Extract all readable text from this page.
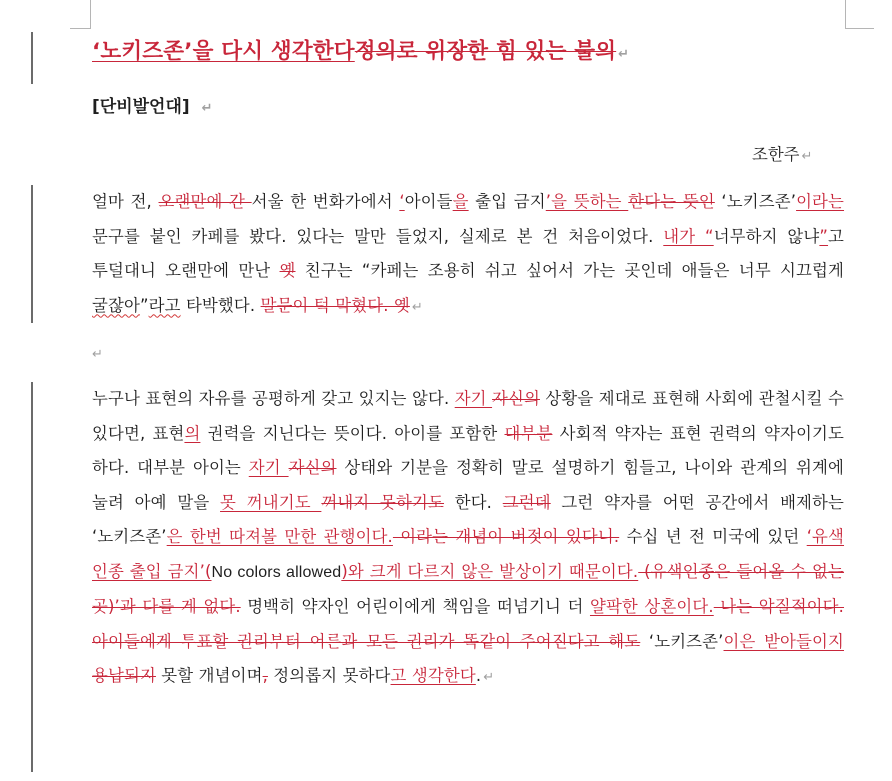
‘노키즈존’을 다시 생각한다정의로 위장한 힘 있는 불의 ↵
[단비발언대] ↵
조한주 ↵
얼마 전, 오랜만에 간 서울 한 번화가에서 ‘아이들을 출입 금지’을 뜻하는 한다는 뜻인 ‘노키즈존’이라는 문구를 붙인 카페를 봤다. 있다는 말만 들었지, 실제로 본 건 처음이었다. 내가 “너무하지 않냐”고 투덜대니 오랜만에 만난 옛 친구는 “카페는 조용히 쉬고 싶어서 가는 곳인데 애들은 너무 시끄럽게 굴잖아”라고 타박했다. 말문이 턱 막혔다. 옛 ↵
↵
누구나 표현의 자유를 공평하게 갖고 있지는 않다. 자기 자신의 상황을 제대로 표현해 사회에 관철시킬 수 있다면, 표현의 권력을 지닌다는 뜻이다. 아이를 포함한 대부분 사회적 약자는 표현 권력의 약자이기도 하다. 대부분 아이는 자기 자신의 상태와 기분을 정확히 말로 설명하기 힘들고, 나이와 관계의 위계에 눌려 아예 말을 못 꺼내기도 꺼내지 못하기도 한다. 그런데 그런 약자를 어떤 공간에서 배제하는 ‘노키즈존’은 한번 따져볼 만한 관행이다. 이라는 개념이 버젓이 있다니. 수십 년 전 미국에 있던 ‘유색 인종 출입 금지’(No colors allowed)와 크게 다르지 않은 발상이기 때문이다. (유색인종은 들어올 수 없는 곳)’과 다를 게 없다. 명백히 약자인 어린이에게 책임을 떠넘기니 더 얄팍한 상혼이다. 나는 악질적이다. 아이들에게 투표할 권리부터 어른과 모든 권리가 똑같이 주어진다고 해도 ‘노키즈존’이은 받아들이지 용납되지 못할 개념이며, 정의롭지 못하다고 생각한다. ↵
